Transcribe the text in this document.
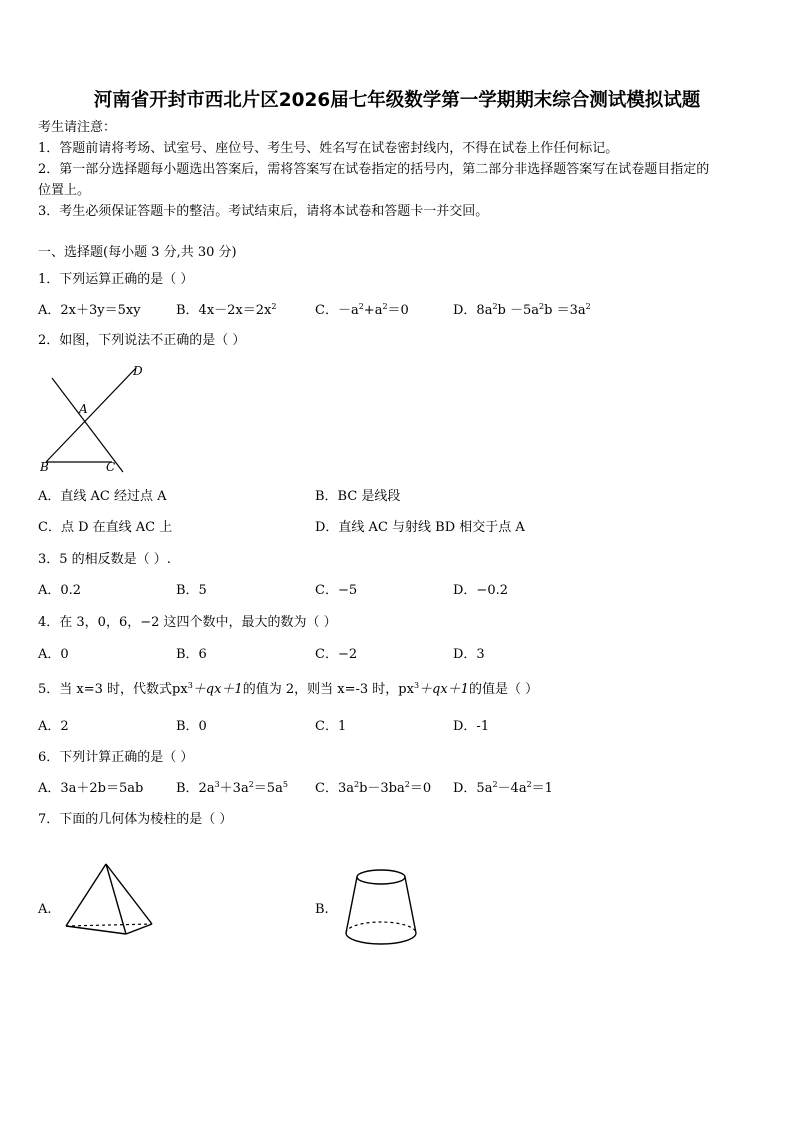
河南省开封市西北片区2026届七年级数学第一学期期末综合测试模拟试题
考生请注意：
1．答题前请将考场、试室号、座位号、考生号、姓名写在试卷密封线内，不得在试卷上作任何标记。
2．第一部分选择题每小题选出答案后，需将答案写在试卷指定的括号内，第二部分非选择题答案写在试卷题目指定的
位置上。
3．考生必须保证答题卡的整洁。考试结束后，请将本试卷和答题卡一并交回。
一、选择题(每小题 3 分,共 30 分)
1．下列运算正确的是（ ）
A．2x＋3y＝5xy	B．$4x-2x=2x^2$	C．$-a^2+a^2=0$	D．$8a^2b -5a^2b =3a^2$
2．如图，下列说法不正确的是（ ）
D
A
B	C
A．直线 AC 经过点 A	B．BC 是线段
C．点 D 在直线 AC 上	D．直线 AC 与射线 BD 相交于点 A
3．5 的相反数是（ ）.
A．0.2	B．5	C．−5	D．−0.2
4．在 3，0，6，−2 这四个数中，最大的数为（ ）
A．0	B．6	C．−2	D．3
5．当 x=3 时，代数式$px^3+qx+1$的值为 2，则当 x=-3 时，$px^3+qx+1$的值是（ ）
A．2	B．0	C．1	D．-1
6．下列计算正确的是（ ）
A．3a＋2b＝5ab	B．$2a^3+3a^2=5a^5$ C．$3a^2b-3ba^2=0$ D．$5a^2-4a^2=1$
7．下面的几何体为棱柱的是（ ）
A.	B.
